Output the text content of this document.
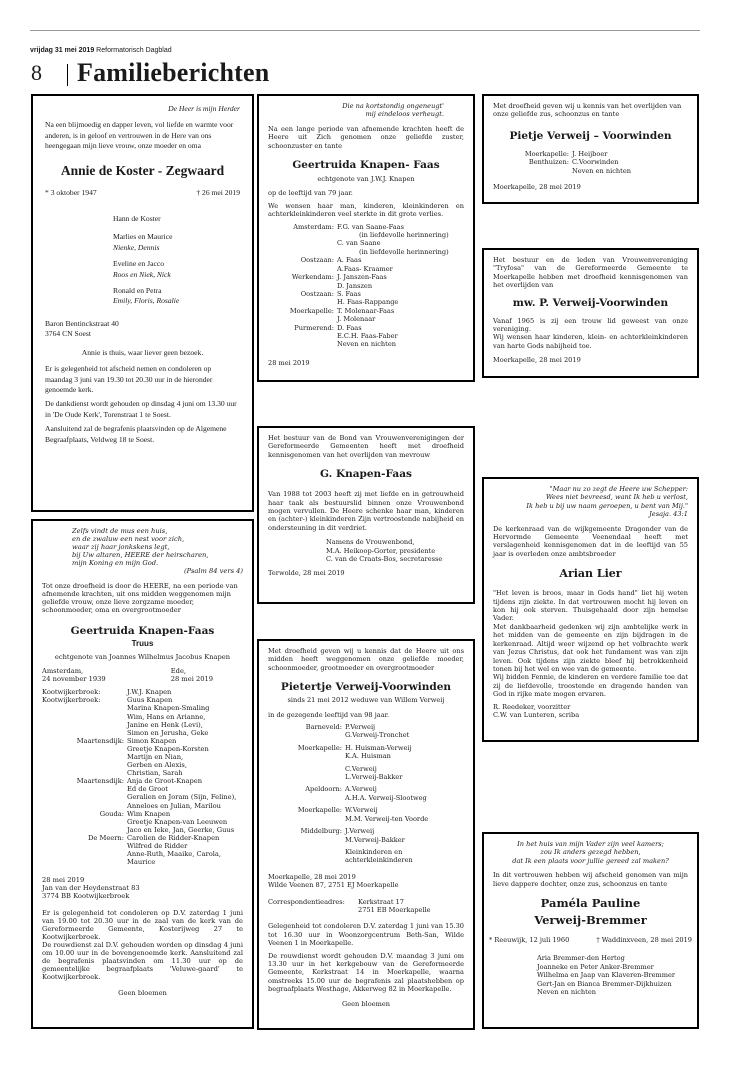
vrijdag 31 mei 2019 Reformatorisch Dagblad
8 Familieberichten

De Heer is mijn Herder

Na een blijmoedig en dapper leven, vol liefde en warmte voor anderen, is in geloof en vertrouwen in de Here van ons heengegaan mijn lieve vrouw, onze moeder en oma

Annie de Koster - Zegwaard
* 3 oktober 1947	† 26 mei 2019
Hann de Koster
Marlies en Maurice
Nienke, Dennis
Eveline en Jacco
Roos en Niek, Nick
Ronald en Petra
Emily, Floris, Rosalie
Baron Bentinckstraat 40
3764 CN Soest

Annie is thuis, waar liever geen bezoek.

Er is gelegenheid tot afscheid nemen en condoleren op maandag 3 juni van 19.30 tot 20.30 uur in de hieronder genoemde kerk.

De dankdienst wordt gehouden op dinsdag 4 juni om 13.30 uur in 'De Oude Kerk', Torenstraat 1 te Soest.

Aansluitend zal de begrafenis plaatsvinden op de Algemene Begraafplaats, Veldweg 18 te Soest.

Zelfs vindt de mus een huis,
en de zwaluw een nest voor zich,
waar zij haar jonkskens legt,
bij Uw altaren, HEERE der heirscharen,
mijn Koning en mijn God.
(Psalm 84 vers 4)

Tot onze droefheid is door de HEERE, na een periode van afnemende krachten, uit ons midden weggenomen mijn geliefde vrouw, onze lieve zorgzame moeder, schoonmoeder, oma en overgrootmoeder

Geertruida Knapen-Faas
Truus
echtgenote van Joannes Wilhelmus Jacobus Knapen
Amsterdam,
24 november 1939
Ede,
28 mei 2019
Kootwijkerbroek:	J.W.J. Knapen
Kootwijkerbroek:	Guus Knapen
Marina Knapen-Smaling
Wim, Hans en Arianne,
Janine en Henk (Levi),
Simon en Jerusha, Geke
Maartensdijk: Simon Knapen
Greetje Knapen-Korsten
Martijn en Nian,
Gerben en Alexis,
Christian, Sarah
Maartensdijk: Anja de Groot-Knapen
Ed de Groot
Geralien en Joram (Sijn, Feline),
Anneloes en Julian, Marilou
Gouda: Wim Knapen
Greetje Knapen-van Leeuwen
Jaco en Ieke, Jan, Geerke, Guus
De Meern: Carolien de Ridder-Knapen
Wilfred de Ridder
Anne-Ruth, Maaike, Carola,
Maurice
28 mei 2019
Jan van der Heydenstraat 83
3774 BB Kootwijkerbroek

Er is gelegenheid tot condoleren op D.V. zaterdag 1 juni van 19.00 tot 20.30 uur in de zaal van de kerk van de Gereformeerde Gemeente, Kosterijweg 27 te Kootwijkerbroek.

De rouwdienst zal D.V. gehouden worden op dinsdag 4 juni om 10.00 uur in de bovengenoemde kerk. Aansluitend zal de begrafenis plaatsvinden om 11.30 uur op de gemeentelijke begraafplaats 'Veluwe-gaard' te Kootwijkerbroek.

Geen bloemen

Die na kortstondig ongeneugt'
mij eindeloos verheugt.

Na een lange periode van afnemende krachten heeft de Heere uit Zich genomen onze geliefde zuster, schoonzuster en tante

Geertruida Knapen- Faas
echtgenote van J.W.J. Knapen

op de leeftijd van 79 jaar.

We wensen haar man, kinderen, kleinkinderen en achterkleinkinderen veel sterkte in dit grote verlies.

Amsterdam: F.G. van Saane-Faas
(in liefdevolle herinnering)
C. van Saane
(in liefdevolle herinnering)
Oostzaan: A. Faas
A.Faas- Kraamer
Werkendam: J. Janszen-Faas
D. Janszen
Oostzaan: S. Faas
H. Faas-Rappange
Moerkapelle: T. Molenaar-Faas
J. Molenaar
Purmerend: D. Faas
E.C.H. Faas-Faber
Neven en nichten

28 mei 2019

Het bestuur van de Bond van Vrouwenverenigingen der Gereformeerde Gemeenten heeft met droefheid kennisgenomen van het overlijden van mevrouw

G. Knapen-Faas

Van 1988 tot 2003 heeft zij met liefde en in getrouwheid haar taak als bestuurslid binnen onze Vrouwenbond mogen vervullen. De Heere schenke haar man, kinderen en (achter-) kleinkinderen Zijn vertroostende nabijheid en ondersteuning in dit verdriet.

Namens de Vrouwenbond,
M.A. Heikoop-Gorter, presidente
C. van de Craats-Bos, secretaresse

Terwolde, 28 mei 2019

Met droefheid geven wij u kennis dat de Heere uit ons midden heeft weggenomen onze geliefde moeder, schoonmoeder, grootmoeder en overgrootmoeder

Pietertje Verweij-Voorwinden
sinds 21 mei 2012 weduwe van Willem Verweij

in de gezegende leeftijd van 98 jaar.

Barneveld: P.Verweij
G.Verweij-Tronchet
Moerkapelle: H. Huisman-Verweij
K.A. Huisman
C.Verweij
L.Verweij-Bakker
Apeldoorn: A.Verweij
A.H.A. Verweij-Slootweg
Moerkapelle: W.Verweij
M.M. Verweij-ten Voorde
Middelburg: J.Verweij
M.Verweij-Bakker
Kleinkinderen en
achterkleinkinderen
Moerkapelle, 28 mei 2019
Wilde Veenen 87, 2751 EJ Moerkapelle
Correspondentieadres:	Kerkstraat 17
2751 EB Moerkapelle

Gelegenheid tot condoleren D.V. zaterdag 1 juni van 15.30 tot 16.30 uur in Woonzorgcentrum Beth-San, Wilde Veenen 1 in Moerkapelle.

De rouwdienst wordt gehouden D.V. maandag 3 juni om 13.30 uur in het kerkgebouw van de Gereformeerde Gemeente, Kerkstraat 14 in Moerkapelle, waarna omstreeks 15.00 uur de begrafenis zal plaatshebben op begraafplaats Westhage, Akkerweg 82 in Moerkapelle.

Geen bloemen

Met droefheid geven wij u kennis van het overlijden van onze geliefde zus, schoonzus en tante

Pietje Verweij – Voorwinden
Moerkapelle: J. Heijboer
Benthuizen: C.Voorwinden
Neven en nichten

Moerkapelle, 28 mei 2019

Het bestuur en de leden van Vrouwenvereniging "Tryfosa" van de Gereformeerde Gemeente te Moerkapelle hebben met droefheid kennisgenomen van het overlijden van

mw. P. Verweij-Voorwinden

Vanaf 1965 is zij een trouw lid geweest van onze vereniging.

Wij wensen haar kinderen, klein- en achterkleinkinderen van harte Gods nabijheid toe.

Moerkapelle, 28 mei 2019

"Maar nu zo zegt de Heere uw Schepper:
Wees niet bevreesd, want Ik heb u verlost,
Ik heb u bij uw naam geroepen, u bent van Mij."
Jesaja. 43:1

De kerkenraad van de wijkgemeente Dragonder van de Hervormde Gemeente Veenendaal heeft met verslagenheid kennisgenomen dat in de leeftijd van 55 jaar is overleden onze ambtsbroeder

Arian Lier

"Het leven is broos, maar in Gods hand" liet hij weten tijdens zijn ziekte. In dat vertrouwen mocht hij leven en kon hij ook sterven. Thuisgehaald door zijn hemelse Vader.

Met dankbaarheid gedenken wij zijn ambtelijke werk in het midden van de gemeente en zijn bijdragen in de kerkenraad. Altijd weer wijzend op het volbrachte werk van Jezus Christus, dat ook het fundament was van zijn leven. Ook tijdens zijn ziekte bleef hij betrokkenheid tonen bij het wel en wee van de gemeente.

Wij bidden Fennie, de kinderen en verdere familie toe dat zij de liefdevolle, troostende en dragende handen van God in rijke mate mogen ervaren.

R. Reedeker, voorzitter
C.W. van Lunteren, scriba
In het huis van mijn Vader zijn veel kamers;
zou Ik anders gezegd hebben,
dat Ik een plaats voor jullie gereed zal maken?

In dit vertrouwen hebben wij afscheid genomen van mijn lieve dappere dochter, onze zus, schoonzus en tante

Paméla Pauline
Verweij-Bremmer
* Reeuwijk, 12 juli 1960	† Waddinxveen, 28 mei 2019
Aria Bremmer-den Hertog
Joanneke en Peter Anker-Bremmer
Wilhelma en Jaap van Klaveren-Bremmer
Gert-Jan en Bianca Bremmer-Dijkhuizen
Neven en nichten
